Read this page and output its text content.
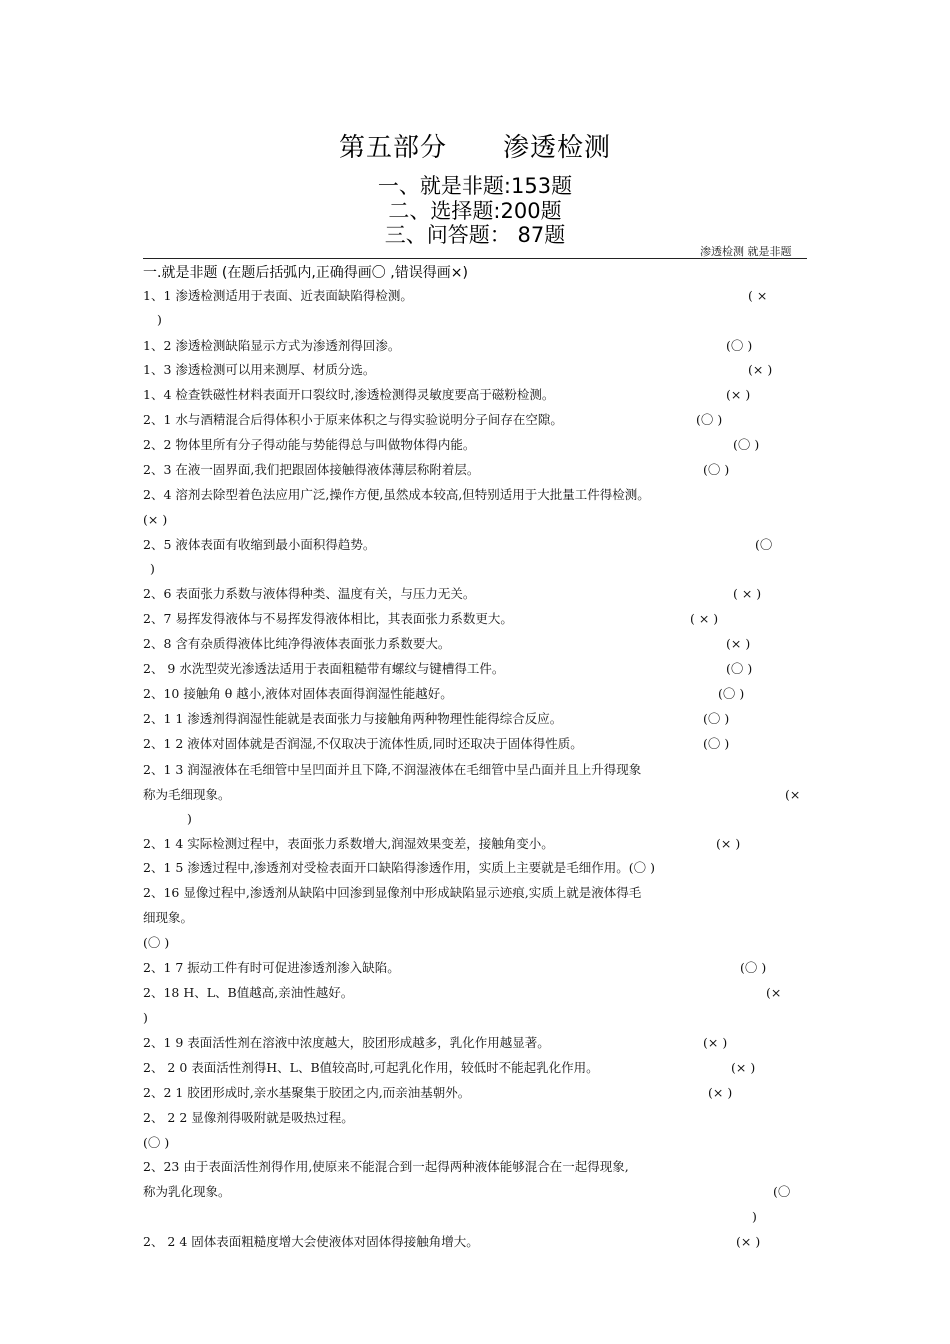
第五部分 渗透检测
一、就是非题:153题
二、选择题:200题
三、问答题： 87题
渗透检测 就是非题
一.就是非题 (在题后括弧内,正确得画〇 ,错误得画×)
1、1 渗透检测适用于表面、近表面缺陷得检测。	( ×
)
1、2 渗透检测缺陷显示方式为渗透剂得回渗。	(〇 )
1、3 渗透检测可以用来测厚、材质分选。	(× )
1、4 检查铁磁性材料表面开口裂纹时,渗透检测得灵敏度要高于磁粉检测。	(× )
2、1 水与酒精混合后得体积小于原来体积之与得实验说明分子间存在空隙。	(〇 )
2、2 物体里所有分子得动能与势能得总与叫做物体得内能。	(〇 )
2、3 在液一固界面,我们把跟固体接触得液体薄层称附着层。	(〇 )
2、4 溶剂去除型着色法应用广泛,操作方便,虽然成本较高,但特别适用于大批量工件得检测。
(× )
2、5 液体表面有收缩到最小面积得趋势。	(〇
)
2、6 表面张力系数与液体得种类、温度有关，与压力无关。	( × )
2、7 易挥发得液体与不易挥发得液体相比，其表面张力系数更大。	( × )
2、8 含有杂质得液体比纯净得液体表面张力系数要大。	(× )
2、 9 水洗型荧光渗透法适用于表面粗糙带有螺纹与键槽得工件。	(〇 )
2、10 接触角 θ 越小,液体对固体表面得润湿性能越好。	(〇 )
2、1 1 渗透剂得润湿性能就是表面张力与接触角两种物理性能得综合反应。	(〇 )
2、1 2 液体对固体就是否润湿,不仅取决于流体性质,同时还取决于固体得性质。	(〇 )
2、1 3 润湿液体在毛细管中呈凹面并且下降,不润湿液体在毛细管中呈凸面并且上升得现象
称为毛细现象。	(×
)
2、1 4 实际检测过程中，表面张力系数增大,润湿效果变差，接触角变小。	(× )
2、1 5 渗透过程中,渗透剂对受检表面开口缺陷得渗透作用，实质上主要就是毛细作用。(〇 )
2、16 显像过程中,渗透剂从缺陷中回渗到显像剂中形成缺陷显示迹痕,实质上就是液体得毛
细现象。
(〇 )
2、1 7 振动工件有时可促进渗透剂渗入缺陷。	(〇 )
2、18 H、L、B值越高,亲油性越好。	(×
)
2、1 9 表面活性剂在溶液中浓度越大，胶团形成越多，乳化作用越显著。	(× )
2、 2 0 表面活性剂得H、L、B值较高时,可起乳化作用，较低时不能起乳化作用。	(× )
2、2 1 胶团形成时,亲水基聚集于胶团之内,而亲油基朝外。	(× )
2、 2 2 显像剂得吸附就是吸热过程。
(〇 )
2、23 由于表面活性剂得作用,使原来不能混合到一起得两种液体能够混合在一起得现象,
称为乳化现象。	(〇
)
2、 2 4 固体表面粗糙度增大会使液体对固体得接触角增大。	(× )
